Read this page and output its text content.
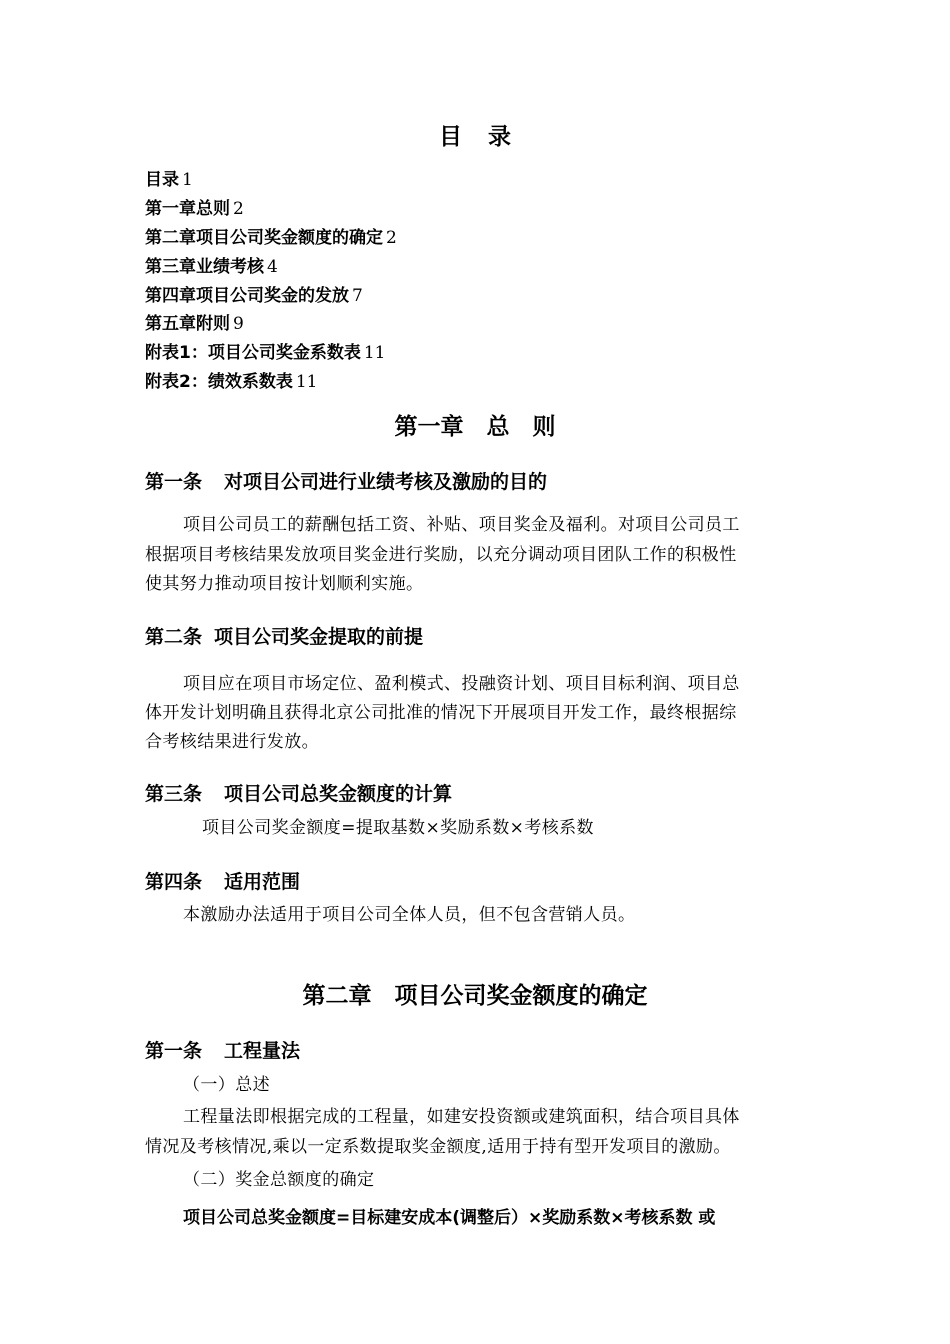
目录
目录 1
第一章总则 2
第二章项目公司奖金额度的确定 2
第三章业绩考核 4
第四章项目公司奖金的发放 7
第五章附则 9
附表1：项目公司奖金系数表 11
附表2：绩效系数表 11
第一章　总　则
第一条 对项目公司进行业绩考核及激励的目的
项目公司员工的薪酬包括工资、补贴、项目奖金及福利。对项目公司员工
根据项目考核结果发放项目奖金进行奖励，以充分调动项目团队工作的积极性
使其努力推动项目按计划顺利实施。
第二条 项目公司奖金提取的前提
项目应在项目市场定位、盈利模式、投融资计划、项目目标利润、项目总
体开发计划明确且获得北京公司批准的情况下开展项目开发工作，最终根据综
合考核结果进行发放。
第三条 项目公司总奖金额度的计算
项目公司奖金额度=提取基数×奖励系数×考核系数
第四条 适用范围
本激励办法适用于项目公司全体人员，但不包含营销人员。
第二章　项目公司奖金额度的确定
第一条 工程量法
（一）总述
工程量法即根据完成的工程量，如建安投资额或建筑面积，结合项目具体
情况及考核情况,乘以一定系数提取奖金额度,适用于持有型开发项目的激励。
（二）奖金总额度的确定
项目公司总奖金额度=目标建安成本(调整后）×奖励系数×考核系数 或
